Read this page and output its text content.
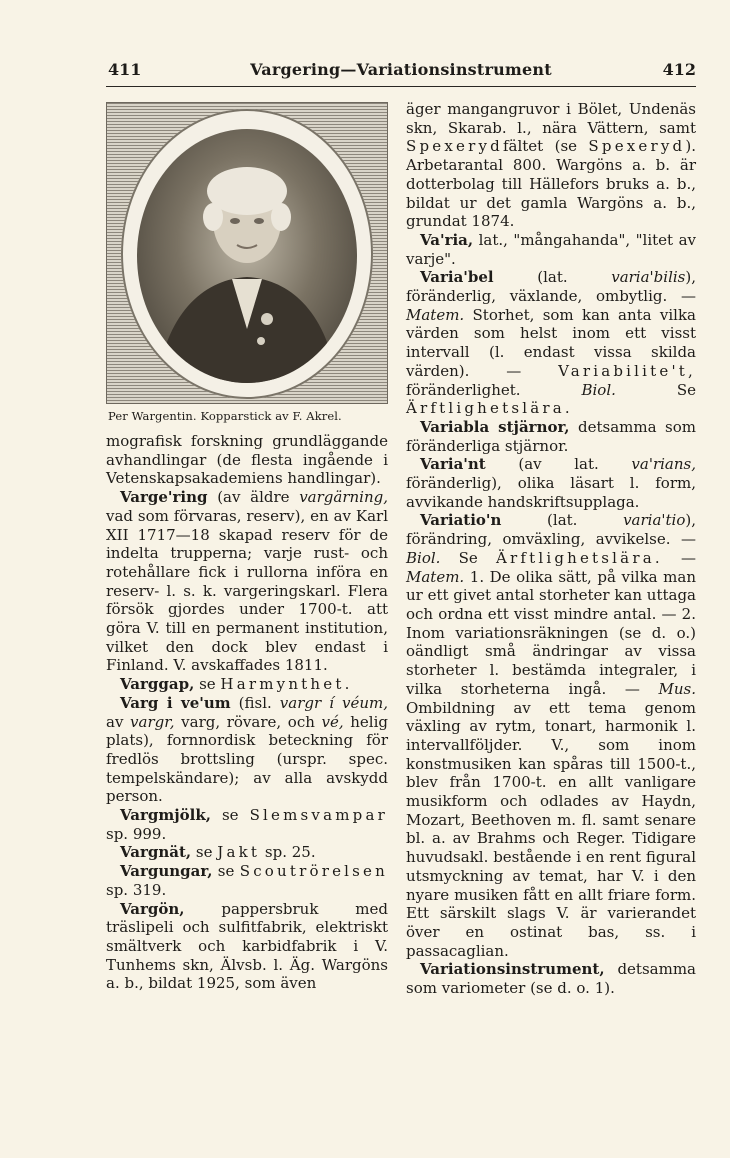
411	Vargering—Variationsinstrument	412
Per Wargentin. Kopparstick av F. Akrel.

mografisk forskning grundläggande avhandlingar (de flesta ingående i Vetenskapsakademiens handlingar).

Varge'ring (av äldre vargärning, vad som förvaras, reserv), en av Karl XII 1717—18 skapad reserv för de indelta trupperna; varje rust- och rotehållare fick i rullorna införa en reserv- l. s. k. vargeringskarl. Flera försök gjordes under 1700-t. att göra V. till en permanent institution, vilket den dock blev endast i Finland. V. avskaffades 1811.

Varggap, se Harmynthet.

Varg i ve'um (fisl. vargr í véum, av vargr, varg, rövare, och vé, helig plats), fornnordisk beteckning för fredlös brottsling (urspr. spec. tempelskändare); av alla avskydd person.

Vargmjölk, se Slemsvampar sp. 999.

Vargnät, se Jakt sp. 25.

Vargungar, se Scoutrörelsen sp. 319.

Vargön, pappersbruk med träslipeli och sulfitfabrik, elektriskt smältverk och karbidfabrik i V. Tunhems skn, Älvsb. l. Äg. Wargöns a. b., bildat 1925, som även

äger mangangruvor i Bölet, Undenäs skn, Skarab. l., nära Vättern, samt Spexerydfältet (se Spexeryd). Arbetarantal 800. Wargöns a. b. är dotterbolag till Hällefors bruks a. b., bildat ur det gamla Wargöns a. b., grundat 1874.

Va'ria, lat., "mångahanda", "litet av varje".

Varia'bel (lat. varia'bilis), föränderlig, växlande, ombytlig. — Matem. Storhet, som kan anta vilka värden som helst inom ett visst intervall (l. endast vissa skilda värden). — Variabilite't, föränderlighet. Biol. Se Ärftlighetslära.

Variabla stjärnor, detsamma som föränderliga stjärnor.

Varia'nt (av lat. va'rians, föränderlig), olika läsart l. form, avvikande handskriftsupplaga.

Variatio'n (lat. varia'tio), förändring, omväxling, avvikelse. — Biol. Se Ärftlighetslära. — Matem. 1. De olika sätt, på vilka man ur ett givet antal storheter kan uttaga och ordna ett visst mindre antal. — 2. Inom variationsräkningen (se d. o.) oändligt små ändringar av vissa storheter l. bestämda integraler, i vilka storheterna ingå. — Mus. Ombildning av ett tema genom växling av rytm, tonart, harmonik l. intervallföljder. V., som inom konstmusiken kan spåras till 1500-t., blev från 1700-t. en allt vanligare musikform och odlades av Haydn, Mozart, Beethoven m. fl. samt senare bl. a. av Brahms och Reger. Tidigare huvudsakl. bestående i en rent figural utsmyckning av temat, har V. i den nyare musiken fått en allt friare form. Ett särskilt slags V. är varierandet över en ostinat bas, ss. i passacaglian.

Variationsinstrument, detsamma som variometer (se d. o. 1).
